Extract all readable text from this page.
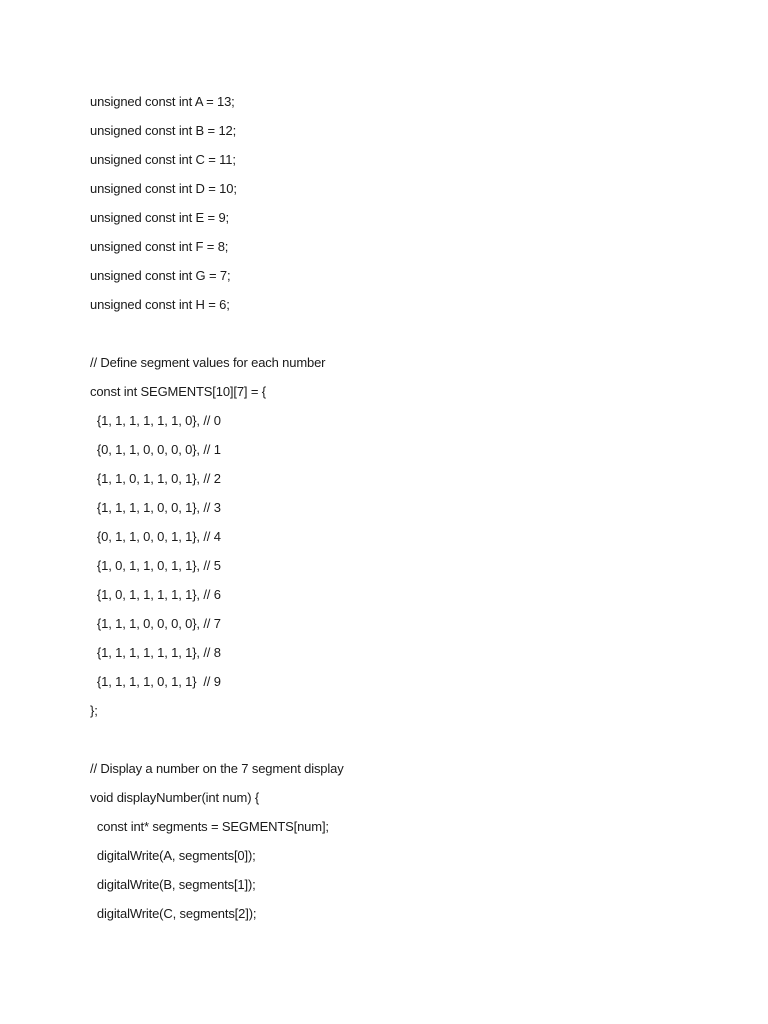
unsigned const int A = 13;
unsigned const int B = 12;
unsigned const int C = 11;
unsigned const int D = 10;
unsigned const int E = 9;
unsigned const int F = 8;
unsigned const int G = 7;
unsigned const int H = 6;
// Define segment values for each number
const int SEGMENTS[10][7] = {
{1, 1, 1, 1, 1, 1, 0}, // 0
{0, 1, 1, 0, 0, 0, 0}, // 1
{1, 1, 0, 1, 1, 0, 1}, // 2
{1, 1, 1, 1, 0, 0, 1}, // 3
{0, 1, 1, 0, 0, 1, 1}, // 4
{1, 0, 1, 1, 0, 1, 1}, // 5
{1, 0, 1, 1, 1, 1, 1}, // 6
{1, 1, 1, 0, 0, 0, 0}, // 7
{1, 1, 1, 1, 1, 1, 1}, // 8
{1, 1, 1, 1, 0, 1, 1}  // 9
};
// Display a number on the 7 segment display
void displayNumber(int num) {
const int* segments = SEGMENTS[num];
digitalWrite(A, segments[0]);
digitalWrite(B, segments[1]);
digitalWrite(C, segments[2]);
